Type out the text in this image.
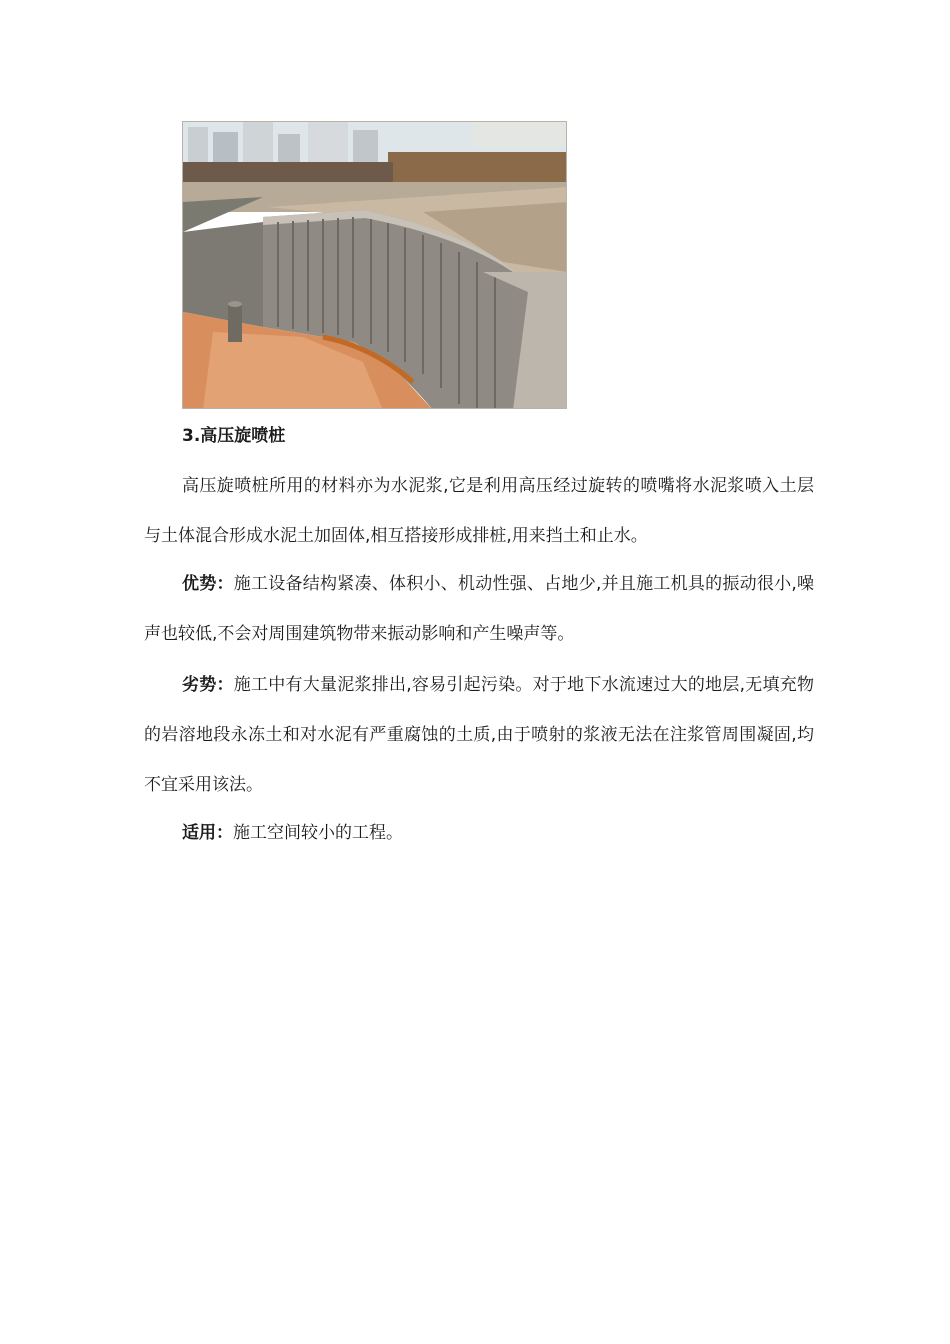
3.高压旋喷桩
高压旋喷桩所用的材料亦为水泥浆,它是利用高压经过旋转的喷嘴将水泥浆喷入土层与土体混合形成水泥土加固体,相互搭接形成排桩,用来挡土和止水。
优势：施工设备结构紧凑、体积小、机动性强、占地少,并且施工机具的振动很小,噪声也较低,不会对周围建筑物带来振动影响和产生噪声等。
劣势：施工中有大量泥浆排出,容易引起污染。对于地下水流速过大的地层,无填充物的岩溶地段永冻土和对水泥有严重腐蚀的土质,由于喷射的浆液无法在注浆管周围凝固,均不宜采用该法。
适用：施工空间较小的工程。
